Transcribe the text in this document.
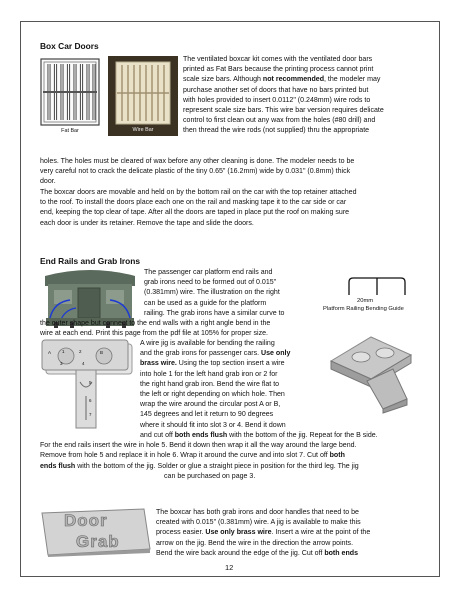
Box Car Doors
Fat Bar	Wire Bar
The ventilated boxcar kit comes with the ventilated door bars
printed as Fat Bars because the printing process cannot print
scale size bars. Although not recommended, the modeler may
purchase another set of doors that have no bars printed but
with holes provided to insert 0.0112" (0.248mm) wire rods to
represent scale size bars. This wire bar version requires delicate
control to first clean out any wax from the holes (#80 drill) and
then thread the wire rods (not supplied) thru the appropriate
holes. The holes must be cleared of wax before any other cleaning is done. The modeler needs to be
very careful not to crack the delicate plastic of the tiny 0.65" (16.2mm) wide by 0.031" (0.8mm) thick
door.
The boxcar doors are movable and held on by the bottom rail on the car with the top retainer attached
to the roof. To install the doors place each one on the rail and masking tape it to the car side or car
end, keeping the top clear of tape. After all the doors are taped in place put the roof on making sure
each door is under its retainer. Remove the tape and slide the doors.
End Rails and Grab Irons
The passenger car platform end rails and
grab irons need to be formed out of 0.015"
(0.381mm) wire. The illustration on the right
can be used as a guide for the platform
railing. The grab irons have a similar curve to
the outer shape but connect to the end walls with a right angle bend in the
wire at each end. Print this page from the pdf file at 105% for proper size.
20mm
Platform Railing Bending Guide
A	B
1	2
3	4
5
6
7
A wire jig is available for bending the railing
and the grab irons for passenger cars. Use only
brass wire. Using the top section insert a wire
into hole 1 for the left hand grab iron or 2 for
the right hand grab iron. Bend the wire flat to
the left or right depending on which hole. Then
wrap the wire around the circular post A or B,
145 degrees and let it return to 90 degrees
where it should fit into slot 3 or 4. Bend it down
and cut off both ends flush with the bottom of the jig. Repeat for the B side.
For the end rails insert the wire in hole 5. Bend it down then wrap it all the way around the large bend.
Remove from hole 5 and replace it in hole 6. Wrap it around the curve and into slot 7. Cut off both
ends flush with the bottom of the jig. Solder or glue a straight piece in position for the third leg. The jig
can be purchased on page 3.
Door
Grab
The boxcar has both grab irons and door handles that need to be
created with 0.015" (0.381mm) wire. A jig is available to make this
process easier. Use only brass wire. Insert a wire at the point of the
arrow on the jig. Bend the wire in the direction the arrow points.
Bend the wire back around the edge of the jig. Cut off both ends
12
